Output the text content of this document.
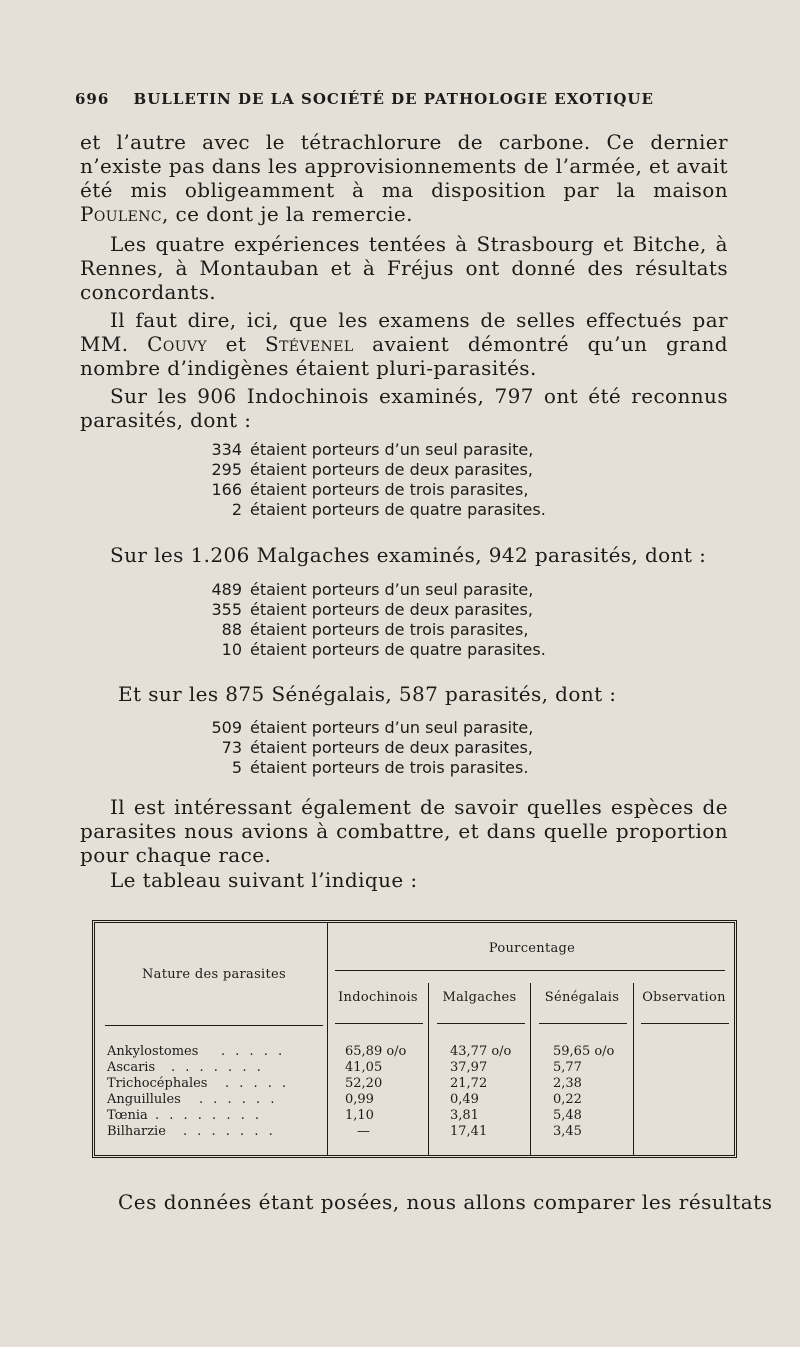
696 BULLETIN DE LA SOCIÉTÉ DE PATHOLOGIE EXOTIQUE
et l’autre avec le tétrachlorure de carbone. Ce dernier n’existe pas dans les approvisionnements de l’armée, et avait été mis obligeamment à ma disposition par la maison Poulenc, ce dont je la remercie.
Les quatre expériences tentées à Strasbourg et Bitche, à Rennes, à Montauban et à Fréjus ont donné des résultats concordants.
Il faut dire, ici, que les examens de selles effectués par MM. Couvy et Stévenel avaient démontré qu’un grand nombre d’indigènes étaient pluri-parasités.
Sur les 906 Indochinois examinés, 797 ont été reconnus parasités, dont :
334 étaient porteurs d’un seul parasite,
295 étaient porteurs de deux parasites,
166 étaient porteurs de trois parasites,
2 étaient porteurs de quatre parasites.
Sur les 1.206 Malgaches examinés, 942 parasités, dont :
489 étaient porteurs d’un seul parasite,
355 étaient porteurs de deux parasites,
88 étaient porteurs de trois parasites,
10 étaient porteurs de quatre parasites.
Et sur les 875 Sénégalais, 587 parasités, dont :
509 étaient porteurs d’un seul parasite,
73 étaient porteurs de deux parasites,
5 étaient porteurs de trois parasites.
Il est intéressant également de savoir quelles espèces de parasites nous avions à combattre, et dans quelle proportion pour chaque race.
Le tableau suivant l’indique :
Nature des parasites
Pourcentage
Indochinois	Malgaches	Sénégalais	Observation
Ankylostomes . . . . .	65,89 o/o	43,77 o/o	59,65 o/o
Ascaris . . . . . . .	41,05	37,97	5,77
Trichocéphales . . . . .	52,20	21,72	2,38
Anguillules . . . . . .	0,99	0,49	0,22
Tœnia . . . . . . . .	1,10	3,81	5,48
Bilharzie . . . . . . .	—	17,41	3,45
Ces données étant posées, nous allons comparer les résultats
